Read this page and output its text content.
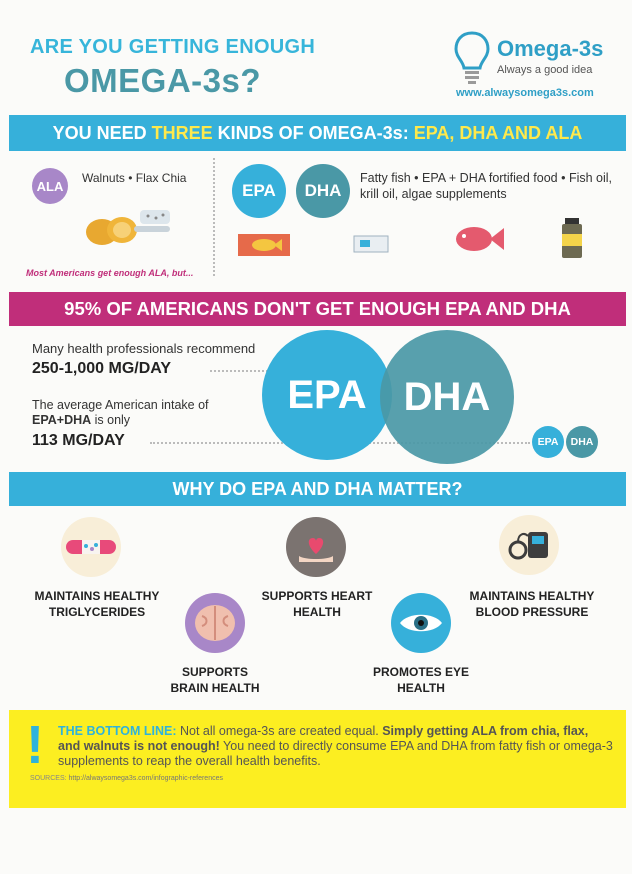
ARE YOU GETTING ENOUGH
OMEGA-3s?
Omega-3s
Always a good idea
www.alwaysomega3s.com
YOU NEED THREE KINDS OF OMEGA-3s: EPA, DHA AND ALA
ALA
Walnuts • Flax Chia
EPA	DHA
Fatty fish • EPA + DHA fortified food • Fish oil, krill oil, algae supplements
Most Americans get enough ALA, but...
95% OF AMERICANS DON'T GET ENOUGH EPA AND DHA
Many health professionals recommend
250-1,000 MG/DAY
The average American intake of EPA+DHA is only
113 MG/DAY
EPA DHA
EPA	DHA
WHY DO EPA AND DHA MATTER?
MAINTAINS HEALTHY
TRIGLYCERIDES
SUPPORTS HEART
HEALTH
MAINTAINS HEALTHY
BLOOD PRESSURE
SUPPORTS
BRAIN HEALTH
PROMOTES EYE
HEALTH
! THE BOTTOM LINE: Not all omega-3s are created equal. Simply getting ALA from chia, flax, and walnuts is not enough! You need to directly consume EPA and DHA from fatty fish or omega-3 supplements to reap the overall health benefits.
SOURCES: http://alwaysomega3s.com/infographic-references
